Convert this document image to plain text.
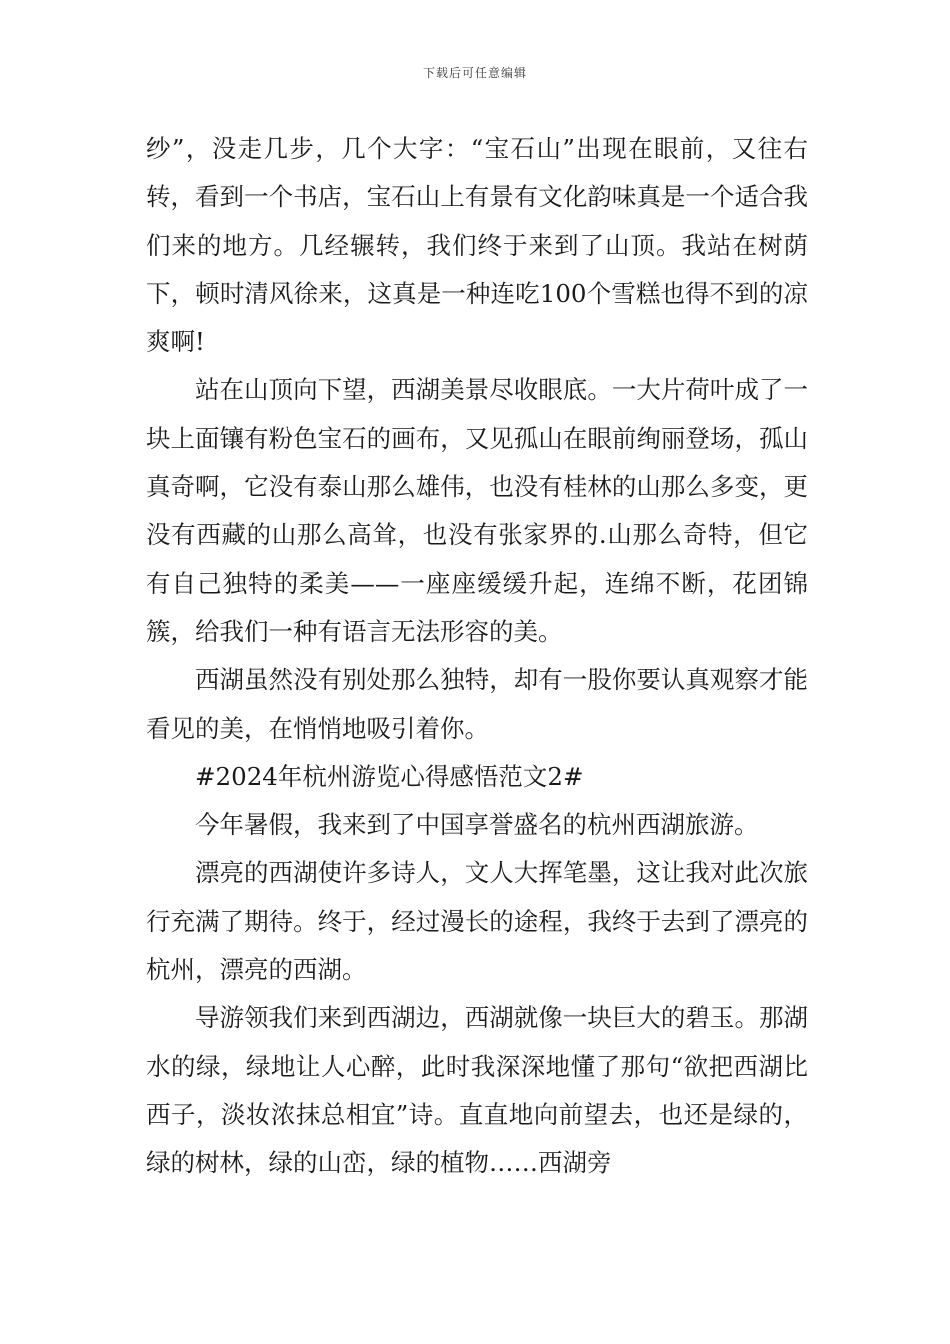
下载后可任意编辑

纱”，没走几步，几个大字：“宝石山”出现在眼前，又往右转，看到一个书店，宝石山上有景有文化韵味真是一个适合我们来的地方。几经辗转，我们终于来到了山顶。我站在树荫下，顿时清风徐来，这真是一种连吃100个雪糕也得不到的凉爽啊!

站在山顶向下望，西湖美景尽收眼底。一大片荷叶成了一块上面镶有粉色宝石的画布，又见孤山在眼前绚丽登场，孤山真奇啊，它没有泰山那么雄伟，也没有桂林的山那么多变，更没有西藏的山那么高耸，也没有张家界的.山那么奇特，但它有自己独特的柔美——一座座缓缓升起，连绵不断，花团锦簇，给我们一种有语言无法形容的美。

西湖虽然没有别处那么独特，却有一股你要认真观察才能看见的美，在悄悄地吸引着你。

#2024年杭州游览心得感悟范文2#

今年暑假，我来到了中国享誉盛名的杭州西湖旅游。

漂亮的西湖使许多诗人，文人大挥笔墨，这让我对此次旅行充满了期待。终于，经过漫长的途程，我终于去到了漂亮的杭州，漂亮的西湖。

导游领我们来到西湖边，西湖就像一块巨大的碧玉。那湖水的绿，绿地让人心醉，此时我深深地懂了那句“欲把西湖比西子，淡妆浓抹总相宜”诗。直直地向前望去，也还是绿的，绿的树林，绿的山峦，绿的植物……西湖旁
